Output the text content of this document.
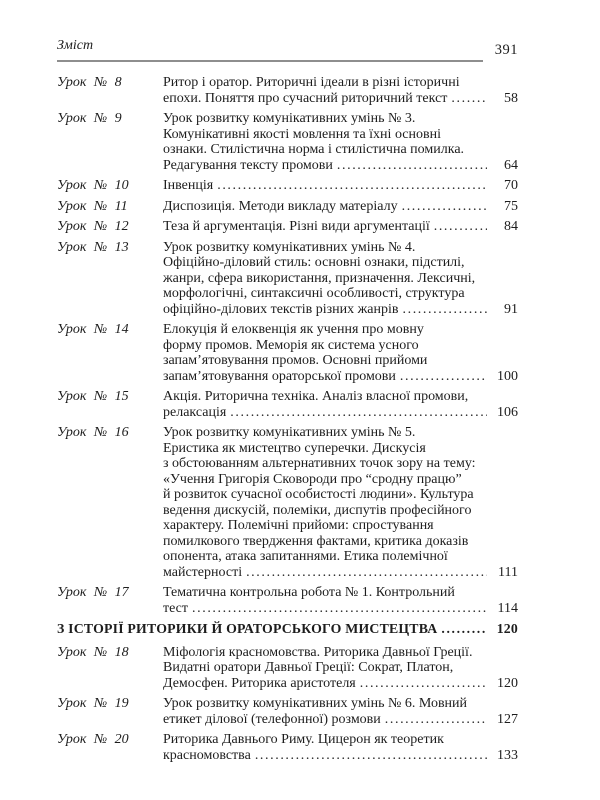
Зміст	391
Урок № 8	Ритор і оратор. Риторичні ідеали в різні історичні
епохи. Поняття про сучасний риторичний текст .....	58
Урок № 9	Урок розвитку комунікативних умінь № 3.
Комунікативні якості мовлення та їхні основні
ознаки. Стилістична норма і стилістична помилка.
Редагування тексту промови .....	64
Урок № 10	Інвенція .....	70
Урок № 11	Диспозиція. Методи викладу матеріалу .....	75
Урок № 12	Теза й аргументація. Різні види аргументації .....	84
Урок № 13	Урок розвитку комунікативних умінь № 4.
Офіційно-діловий стиль: основні ознаки, підстилі,
жанри, сфера використання, призначення. Лексичні,
морфологічні, синтаксичні особливості, структура
офіційно-ділових текстів різних жанрів .....	91
Урок № 14	Елокуція й елоквенція як учення про мовну
форму промов. Меморія як система усного
запам’ятовування промов. Основні прийоми
запам’ятовування ораторської промови .....	100
Урок № 15	Акція. Риторична техніка. Аналіз власної промови,
релаксація .....	106
Урок № 16	Урок розвитку комунікативних умінь № 5.
Еристика як мистецтво суперечки. Дискусія
з обстоюванням альтернативних точок зору на тему:
«Учення Григорія Сковороди про “сродну працю”
й розвиток сучасної особистості людини». Культура
ведення дискусій, полеміки, диспутів професійного
характеру. Полемічні прийоми: спростування
помилкового твердження фактами, критика доказів
опонента, атака запитаннями. Етика полемічної
майстерності .....	111
Урок № 17	Тематична контрольна робота № 1. Контрольний
тест .....	114
З ІСТОРІЇ РИТОРИКИ Й ОРАТОРСЬКОГО МИСТЕЦТВА .....	120
Урок № 18	Міфологія красномовства. Риторика Давньої Греції.
Видатні оратори Давньої Греції: Сократ, Платон,
Демосфен. Риторика аристотеля .....	120
Урок № 19	Урок розвитку комунікативних умінь № 6. Мовний
етикет ділової (телефонної) розмови .....	127
Урок № 20	Риторика Давнього Риму. Цицерон як теоретик
красномовства .....	133
